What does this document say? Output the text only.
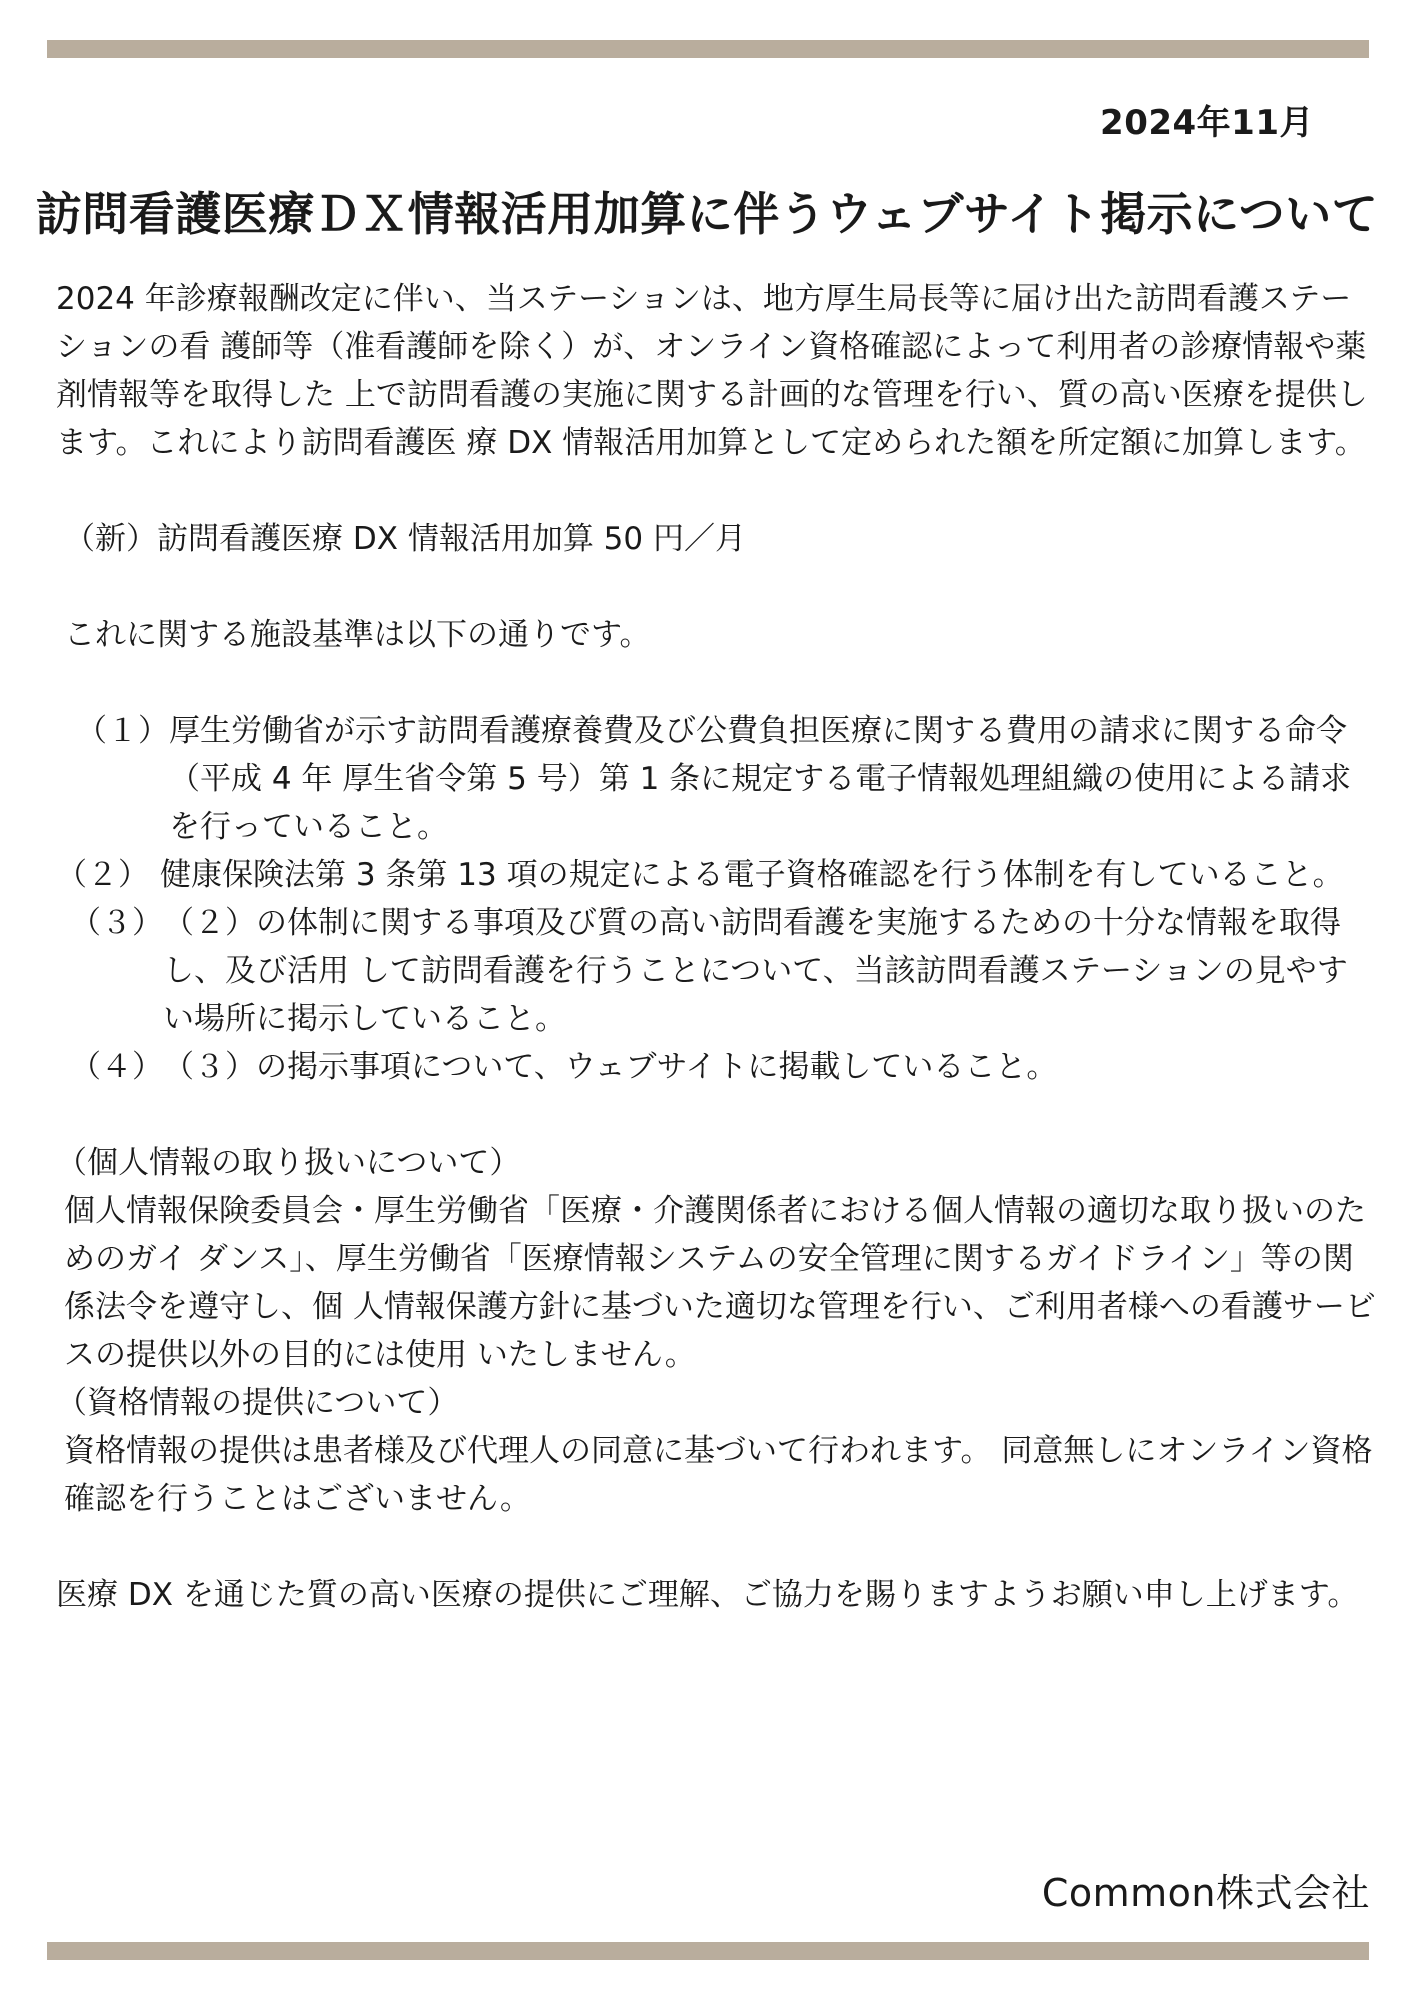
2024年11月
訪問看護医療ＤＸ情報活用加算に伴うウェブサイト掲示について

2024 年診療報酬改定に伴い、当ステーションは、地方厚生局長等に届け出た訪問看護ステーションの看 護師等（准看護師を除く）が、オンライン資格確認によって利用者の診療情報や薬剤情報等を取得した 上で訪問看護の実施に関する計画的な管理を行い、質の高い医療を提供します。これにより訪問看護医 療 DX 情報活用加算として定められた額を所定額に加算します。

（新）訪問看護医療 DX 情報活用加算 50 円／月

これに関する施設基準は以下の通りです。

（１） 厚生労働省が示す訪問看護療養費及び公費負担医療に関する費用の請求に関する命令（平成 4 年 厚生省令第 5 号）第 1 条に規定する電子情報処理組織の使用による請求を行っていること。
（２） 健康保険法第 3 条第 13 項の規定による電子資格確認を行う体制を有していること。
（３） （２）の体制に関する事項及び質の高い訪問看護を実施するための十分な情報を取得し、及び活用 して訪問看護を行うことについて、当該訪問看護ステーションの見やすい場所に掲示していること。
（４） （３）の掲示事項について、ウェブサイトに掲載していること。

（個人情報の取り扱いについて）

個人情報保険委員会・厚生労働省「医療・介護関係者における個人情報の適切な取り扱いのためのガイ ダンス」、厚生労働省「医療情報システムの安全管理に関するガイドライン」等の関係法令を遵守し、個 人情報保護方針に基づいた適切な管理を行い、ご利用者様への看護サービスの提供以外の目的には使用 いたしません。

（資格情報の提供について）

資格情報の提供は患者様及び代理人の同意に基づいて行われます。 同意無しにオンライン資格確認を行うことはございません。

医療 DX を通じた質の高い医療の提供にご理解、ご協力を賜りますようお願い申し上げます。

Common株式会社
